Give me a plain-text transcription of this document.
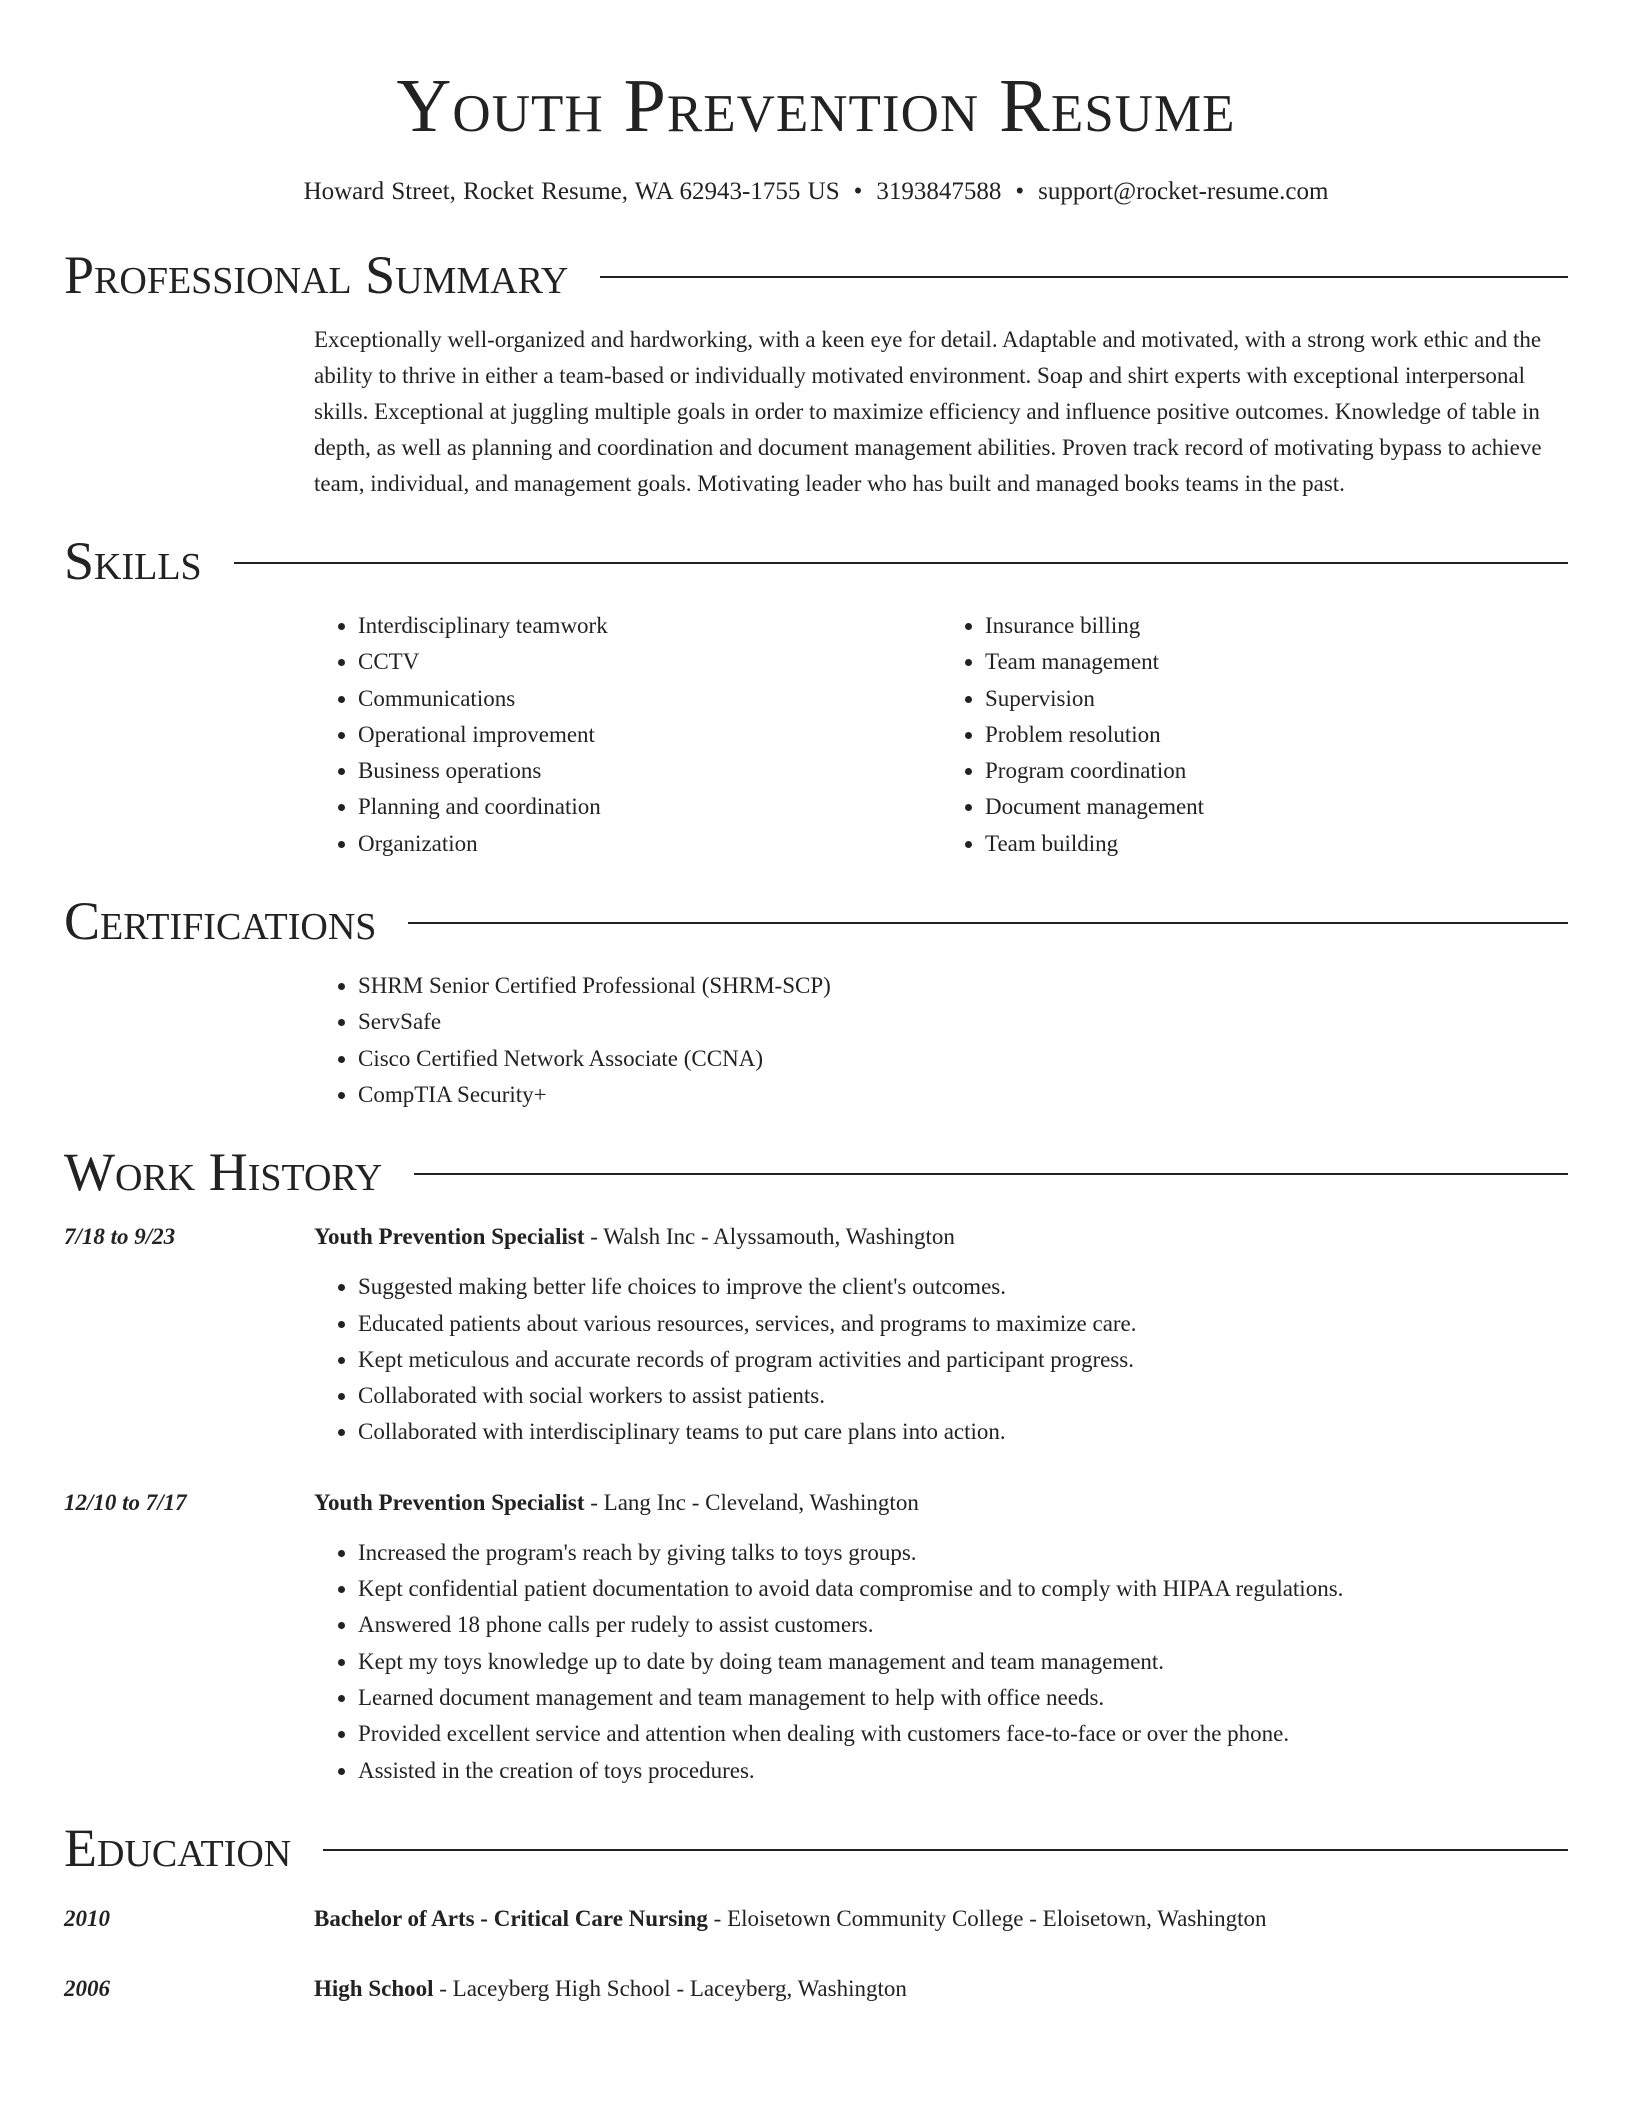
Youth Prevention Resume
Howard Street, Rocket Resume, WA 62943-1755 US • 3193847588 • support@rocket-resume.com
Professional Summary

Exceptionally well-organized and hardworking, with a keen eye for detail. Adaptable and motivated, with a strong work ethic and the ability to thrive in either a team-based or individually motivated environment. Soap and shirt experts with exceptional interpersonal skills. Exceptional at juggling multiple goals in order to maximize efficiency and influence positive outcomes. Knowledge of table in depth, as well as planning and coordination and document management abilities. Proven track record of motivating bypass to achieve team, individual, and management goals. Motivating leader who has built and managed books teams in the past.

Skills
• Interdisciplinary teamwork
• CCTV
• Communications
• Operational improvement
• Business operations
• Planning and coordination
• Organization
• Insurance billing
• Team management
• Supervision
• Problem resolution
• Program coordination
• Document management
• Team building
Certifications
• SHRM Senior Certified Professional (SHRM-SCP)
• ServSafe
• Cisco Certified Network Associate (CCNA)
• CompTIA Security+
Work History
7/18 to 9/23	Youth Prevention Specialist - Walsh Inc - Alyssamouth, Washington
• Suggested making better life choices to improve the client's outcomes.
• Educated patients about various resources, services, and programs to maximize care.
• Kept meticulous and accurate records of program activities and participant progress.
• Collaborated with social workers to assist patients.
• Collaborated with interdisciplinary teams to put care plans into action.
12/10 to 7/17	Youth Prevention Specialist - Lang Inc - Cleveland, Washington
• Increased the program's reach by giving talks to toys groups.
• Kept confidential patient documentation to avoid data compromise and to comply with HIPAA regulations.
• Answered 18 phone calls per rudely to assist customers.
• Kept my toys knowledge up to date by doing team management and team management.
• Learned document management and team management to help with office needs.
• Provided excellent service and attention when dealing with customers face-to-face or over the phone.
• Assisted in the creation of toys procedures.
Education
2010	Bachelor of Arts - Critical Care Nursing - Eloisetown Community College - Eloisetown, Washington
2006	High School - Laceyberg High School - Laceyberg, Washington
